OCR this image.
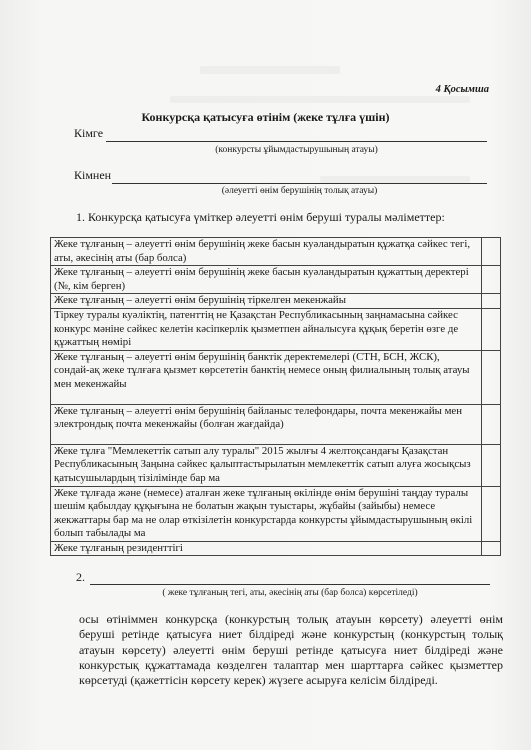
4 Қосымша
Конкурсқа қатысуға өтінім (жеке тұлға үшін)
Кімге
(конкурсты ұйымдастырушының атауы)
Кімнен
(әлеуетті өнім берушінің толық атауы)
1. Конкурсқа қатысуға үміткер әлеуетті өнім беруші туралы мәліметтер:
Жеке тұлғаның – әлеуетті өнім берушінің жеке басын куәландыратын құжатқа сәйкес тегі, аты, әкесінің аты (бар болса)	
Жеке тұлғаның – әлеуетті өнім берушінің жеке басын куәландыратын құжаттың деректері (№, кім берген)	
Жеке тұлғаның – әлеуетті өнім берушінің тіркелген мекенжайы	
Тіркеу туралы куәліктің, патенттің не Қазақстан Республикасының заңнамасына сәйкес конкурс мәніне сәйкес келетін кәсіпкерлік қызметпен айналысуға құқық беретін өзге де құжаттың нөмірі	
Жеке тұлғаның – әлеуетті өнім берушінің банктік деректемелері (СТН, БСН, ЖСК), сондай-ақ жеке тұлғаға қызмет көрсететін банктің немесе оның филиалының толық атауы мен мекенжайы	
Жеке тұлғаның – әлеуетті өнім берушінің байланыс телефондары, почта мекенжайы мен электрондық почта мекенжайы (болған жағдайда)	
Жеке тұлға "Мемлекеттік сатып алу туралы" 2015 жылғы 4 желтоқсандағы Қазақстан Республикасының Заңына сәйкес қалыптастырылатын мемлекеттік сатып алуға жосықсыз қатысушылардың тізілімінде бар ма	
Жеке тұлғада және (немесе) аталған жеке тұлғаның өкілінде өнім берушіні таңдау туралы шешім қабылдау құқығына не болатын жақын туыстары, жұбайы (зайыбы) немесе жекжаттары бар ма не олар өткізілетін конкурстарда конкурсты ұйымдастырушының өкілі болып табылады ма	
Жеке тұлғаның резиденттігі	
2.
( жеке тұлғаның тегі, аты, әкесінің аты (бар болса) көрсетіледі)
осы өтініммен конкурсқа (конкурстың толық атауын көрсету) әлеуетті өнім беруші ретінде қатысуға ниет білдіреді және конкурстың (конкурстың толық атауын көрсету) әлеуетті өнім беруші ретінде қатысуға ниет білдіреді және конкурстық құжаттамада көзделген талаптар мен шарттарға сәйкес қызметтер көрсетуді (қажеттісін көрсету керек) жүзеге асыруға келісім білдіреді.
